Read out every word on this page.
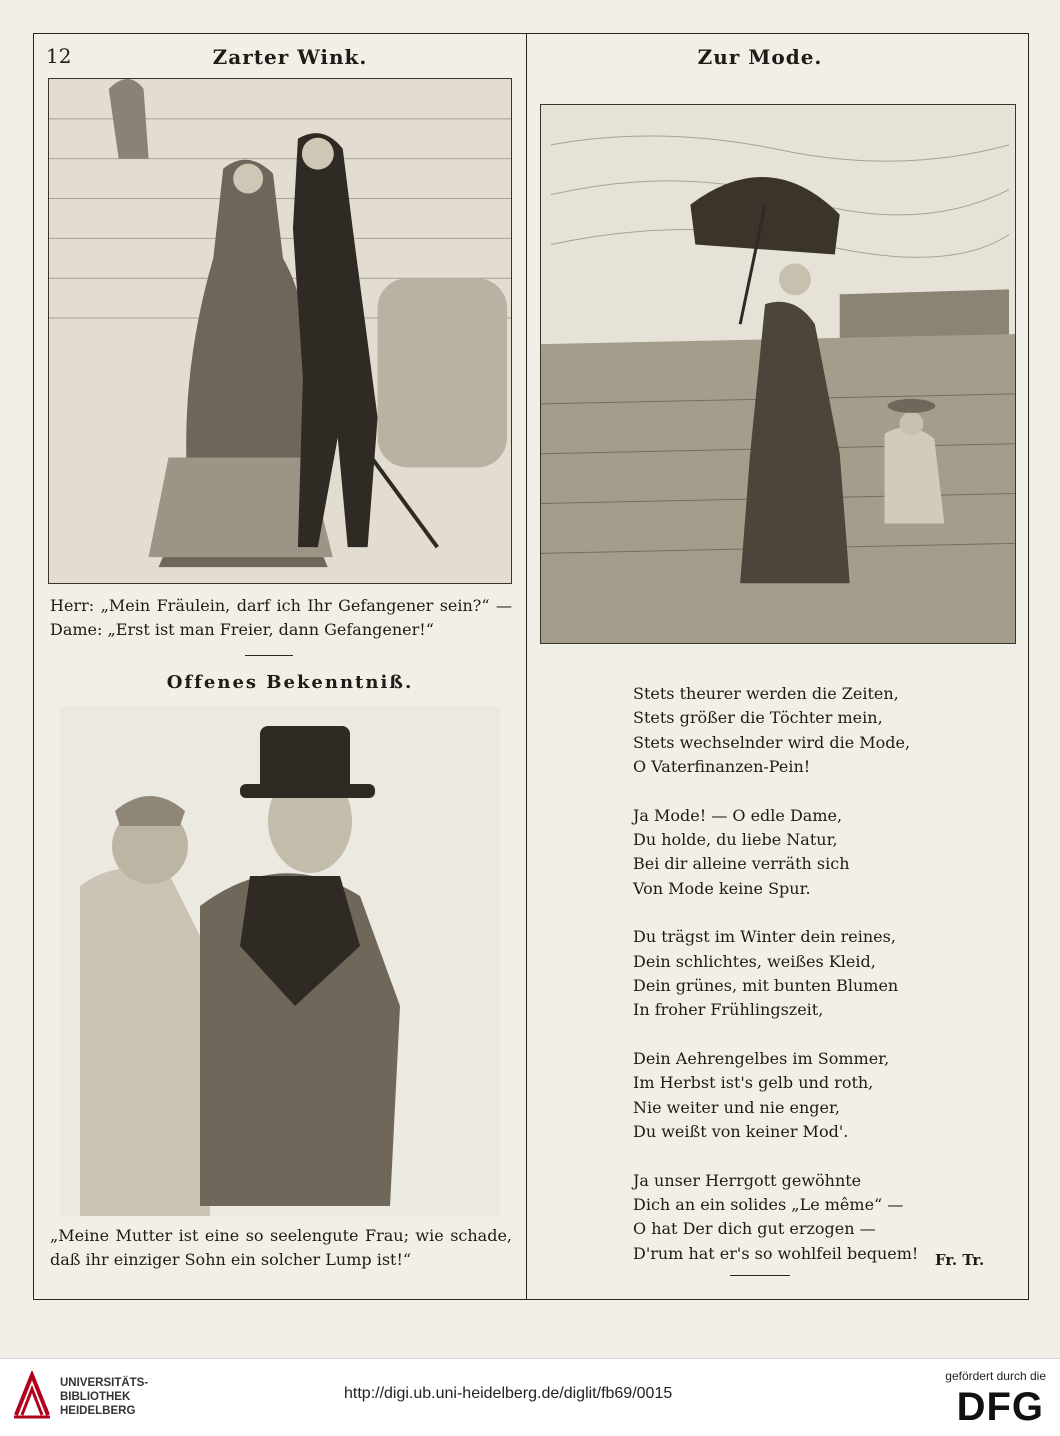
12	Zarter Wink.	Zur Mode.
Herr: „Mein Fräulein, darf ich Ihr Gefangener sein?“ — Dame: „Erst ist man Freier, dann Gefangener!“
Offenes Bekenntniß.
„Meine Mutter ist eine so seelengute Frau; wie schade, daß ihr einziger Sohn ein solcher Lump ist!“
Stets theurer werden die Zeiten,
Stets größer die Töchter mein,
Stets wechselnder wird die Mode,
O Vaterfinanzen-Pein!
Ja Mode! — O edle Dame,
Du holde, du liebe Natur,
Bei dir alleine verräth sich
Von Mode keine Spur.
Du trägst im Winter dein reines,
Dein schlichtes, weißes Kleid,
Dein grünes, mit bunten Blumen
In froher Frühlingszeit,
Dein Aehrengelbes im Sommer,
Im Herbst ist's gelb und roth,
Nie weiter und nie enger,
Du weißt von keiner Mod'.
Ja unser Herrgott gewöhnte
Dich an ein solides „Le même“ —
O hat Der dich gut erzogen —
D'rum hat er's so wohlfeil bequem! Fr. Tr.
UNIVERSITÄTS-
BIBLIOTHEK
HEIDELBERG
http://digi.ub.uni-heidelberg.de/diglit/fb69/0015
gefördert durch die
DFG
